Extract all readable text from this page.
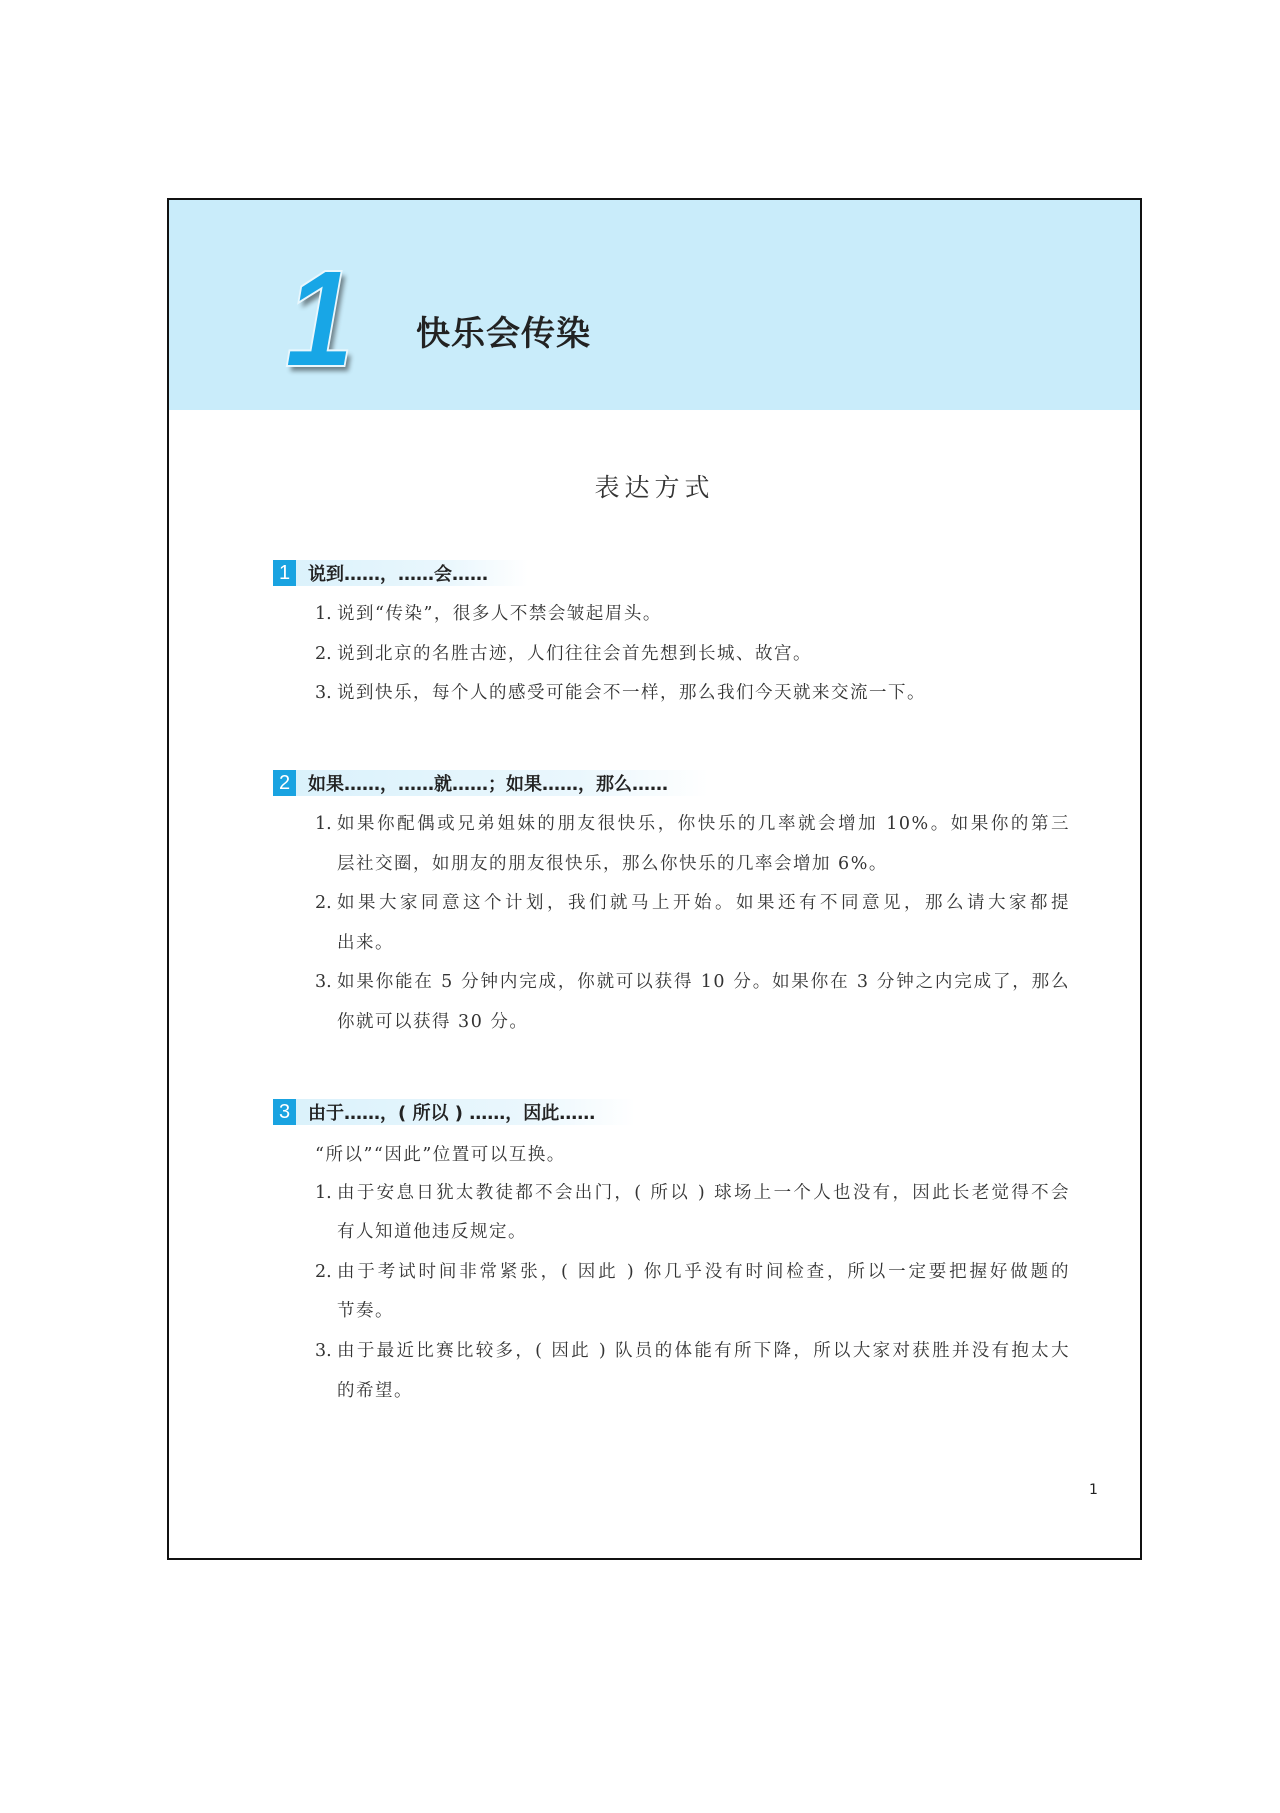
1 快乐会传染
表达方式
1 说到……，……会……
1. 说到“传染”，很多人不禁会皱起眉头。
2. 说到北京的名胜古迹，人们往往会首先想到长城、故宫。
3. 说到快乐，每个人的感受可能会不一样，那么我们今天就来交流一下。
2 如果……，……就……；如果……，那么……
1. 如果你配偶或兄弟姐妹的朋友很快乐，你快乐的几率就会增加 10%。如果你的第三
层社交圈，如朋友的朋友很快乐，那么你快乐的几率会增加 6%。
2. 如果大家同意这个计划，我们就马上开始。如果还有不同意见，那么请大家都提
出来。
3. 如果你能在 5 分钟内完成，你就可以获得 10 分。如果你在 3 分钟之内完成了，那么
你就可以获得 30 分。
3 由于……，( 所以 ) ……，因此……
“所以”“因此”位置可以互换。
1. 由于安息日犹太教徒都不会出门，( 所以 ) 球场上一个人也没有，因此长老觉得不会
有人知道他违反规定。
2. 由于考试时间非常紧张，( 因此 ) 你几乎没有时间检查，所以一定要把握好做题的
节奏。
3. 由于最近比赛比较多，( 因此 ) 队员的体能有所下降，所以大家对获胜并没有抱太大
的希望。
1
